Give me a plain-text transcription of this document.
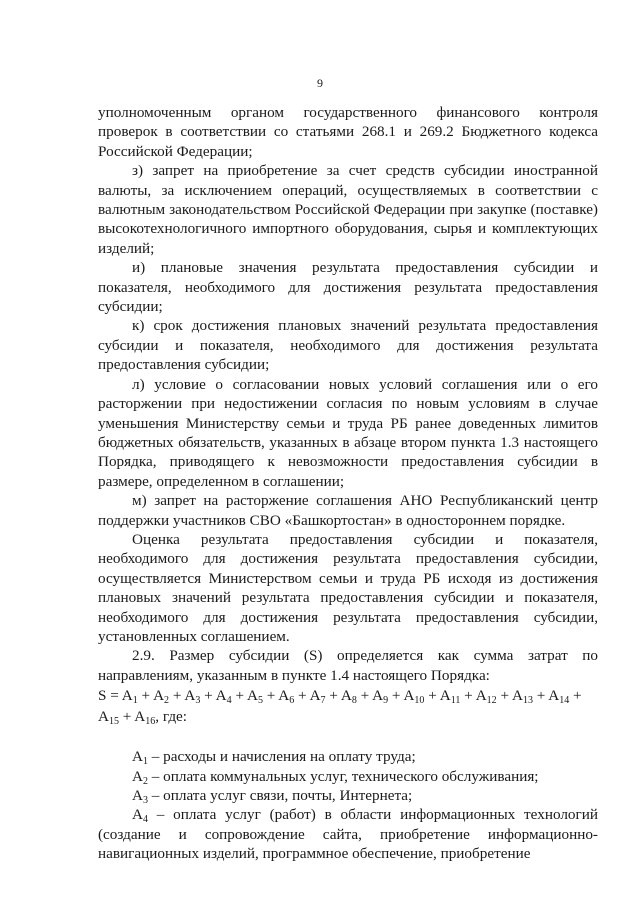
9

уполномоченным органом государственного финансового контроля проверок в соответствии со статьями 268.1 и 269.2 Бюджетного кодекса Российской Федерации;

з) запрет на приобретение за счет средств субсидии иностранной валюты, за исключением операций, осуществляемых в соответствии с валютным законодательством Российской Федерации при закупке (поставке) высокотехнологичного импортного оборудования, сырья и комплектующих изделий;

и) плановые значения результата предоставления субсидии и показателя, необходимого для достижения результата предоставления субсидии;

к) срок достижения плановых значений результата предоставления субсидии и показателя, необходимого для достижения результата предоставления субсидии;

л) условие о согласовании новых условий соглашения или о его расторжении при недостижении согласия по новым условиям в случае уменьшения Министерству семьи и труда РБ ранее доведенных лимитов бюджетных обязательств, указанных в абзаце втором пункта 1.3 настоящего Порядка, приводящего к невозможности предоставления субсидии в размере, определенном в соглашении;

м) запрет на расторжение соглашения АНО Республиканский центр поддержки участников СВО «Башкортостан» в одностороннем порядке.

Оценка результата предоставления субсидии и показателя, необходимого для достижения результата предоставления субсидии, осуществляется Министерством семьи и труда РБ исходя из достижения плановых значений результата предоставления субсидии и показателя, необходимого для достижения результата предоставления субсидии, установленных соглашением.

2.9. Размер субсидии (S) определяется как сумма затрат по направлениям, указанным в пункте 1.4 настоящего Порядка:

$S = A_1 + A_2 + A_3 + A_4 + A_5 + A_6 + A_7 + A_8 + A_9 + A_{10} + A_{11} + A_{12} + A_{13} + A_{14} + A_{15} + A_{16}$, где:

$A_1$ – расходы и начисления на оплату труда;

$A_2$ – оплата коммунальных услуг, технического обслуживания;

$A_3$ – оплата услуг связи, почты, Интернета;

$A_4$ – оплата услуг (работ) в области информационных технологий (создание и сопровождение сайта, приобретение информационно-навигационных изделий, программное обеспечение, приобретение
